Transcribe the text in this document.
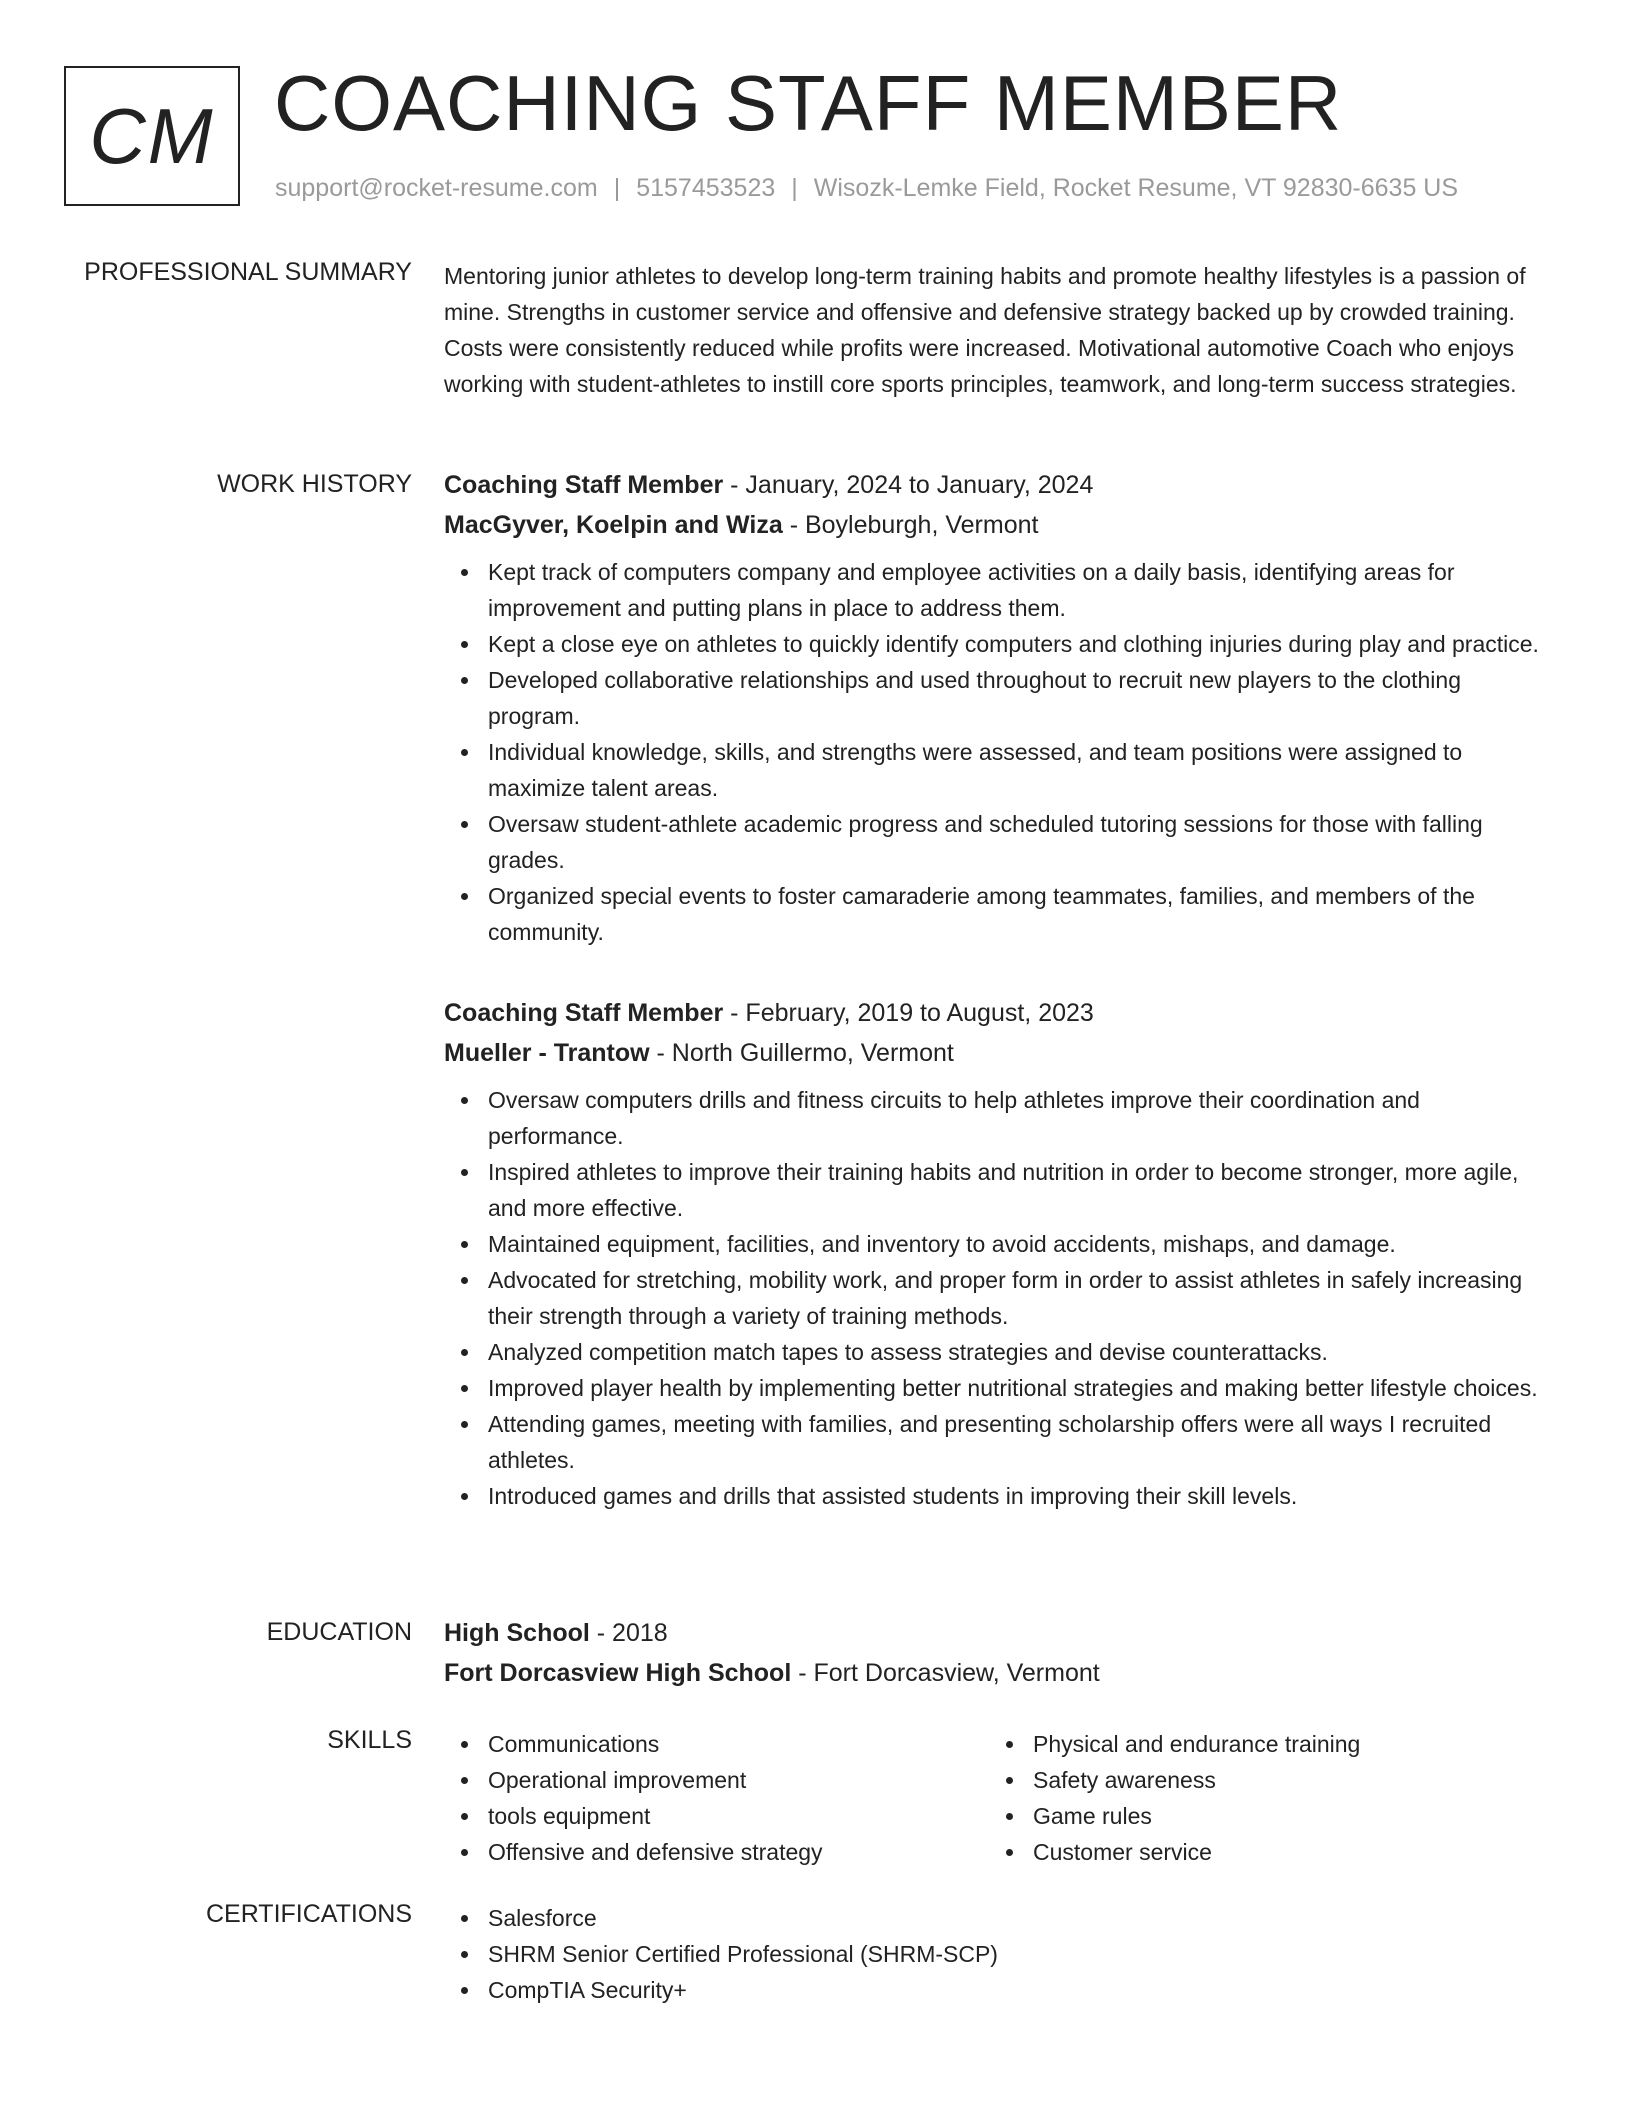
CM COACHING STAFF MEMBER
support@rocket-resume.com | 5157453523 | Wisozk-Lemke Field, Rocket Resume, VT 92830-6635 US
PROFESSIONAL SUMMARY Mentoring junior athletes to develop long-term training habits and promote healthy lifestyles is a passion of mine. Strengths in customer service and offensive and defensive strategy backed up by crowded training. Costs were consistently reduced while profits were increased. Motivational automotive Coach who enjoys working with student-athletes to instill core sports principles, teamwork, and long-term success strategies.

WORK HISTORY Coaching Staff Member - January, 2024 to January, 2024

MacGyver, Koelpin and Wiza - Boyleburgh, Vermont

Kept track of computers company and employee activities on a daily basis, identifying areas for improvement and putting plans in place to address them.
Kept a close eye on athletes to quickly identify computers and clothing injuries during play and practice.
Developed collaborative relationships and used throughout to recruit new players to the clothing program.
Individual knowledge, skills, and strengths were assessed, and team positions were assigned to maximize talent areas.
Oversaw student-athlete academic progress and scheduled tutoring sessions for those with falling grades.
Organized special events to foster camaraderie among teammates, families, and members of the community.

Coaching Staff Member - February, 2019 to August, 2023

Mueller - Trantow - North Guillermo, Vermont

Oversaw computers drills and fitness circuits to help athletes improve their coordination and performance.
Inspired athletes to improve their training habits and nutrition in order to become stronger, more agile, and more effective.
Maintained equipment, facilities, and inventory to avoid accidents, mishaps, and damage.
Advocated for stretching, mobility work, and proper form in order to assist athletes in safely increasing their strength through a variety of training methods.
Analyzed competition match tapes to assess strategies and devise counterattacks.
Improved player health by implementing better nutritional strategies and making better lifestyle choices.
Attending games, meeting with families, and presenting scholarship offers were all ways I recruited athletes.
Introduced games and drills that assisted students in improving their skill levels.
EDUCATION High School - 2018

Fort Dorcasview High School - Fort Dorcasview, Vermont

SKILLS	Communications
Operational improvement
tools equipment
Offensive and defensive strategy
Physical and endurance training
Safety awareness
Game rules
Customer service
CERTIFICATIONS	Salesforce
SHRM Senior Certified Professional (SHRM-SCP)
CompTIA Security+
